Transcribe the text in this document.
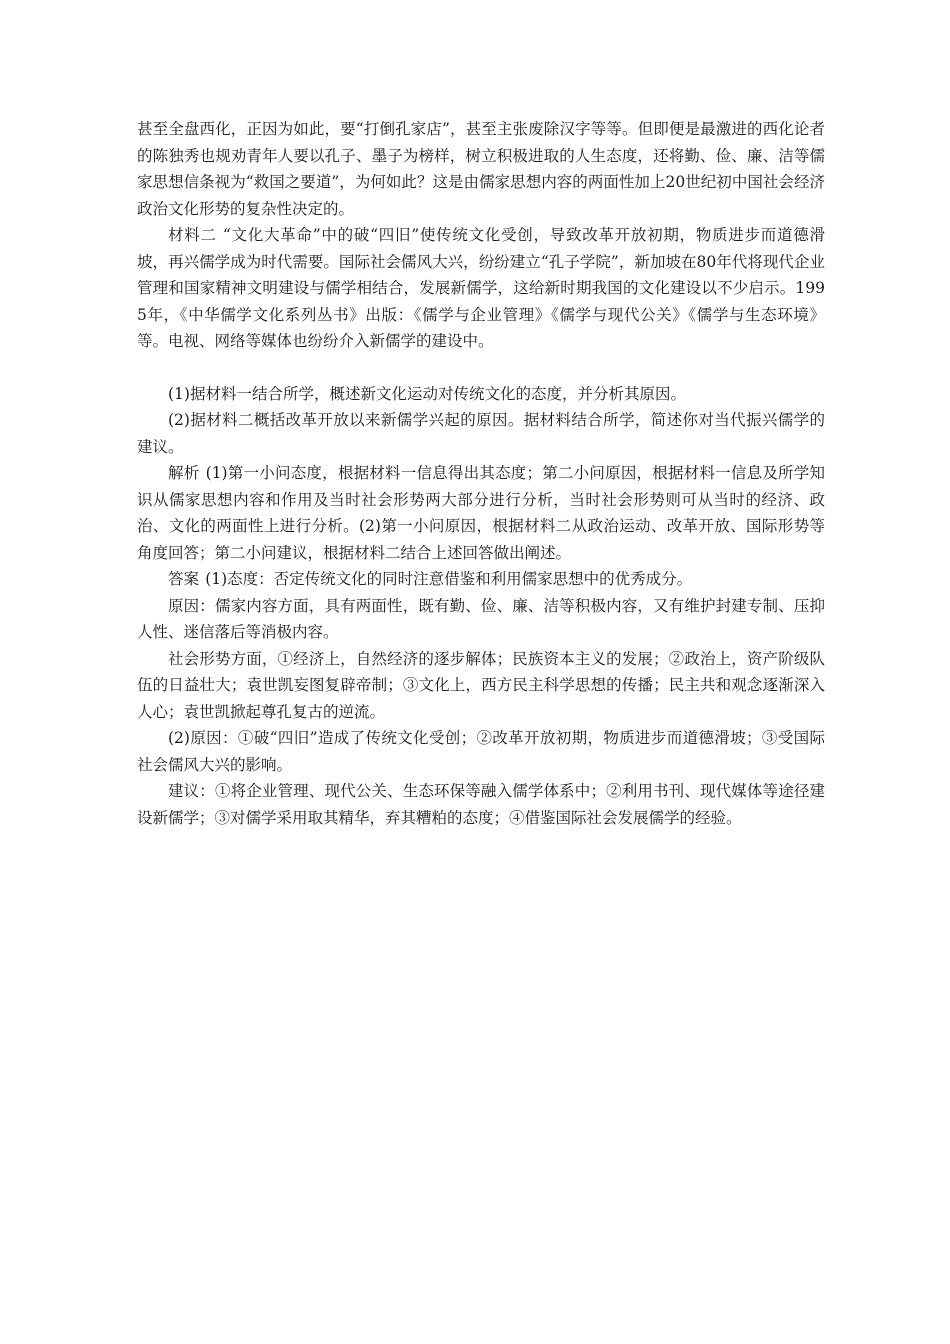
甚至全盘西化，正因为如此，要“打倒孔家店”，甚至主张废除汉字等等。但即便是最激进的西化论者的陈独秀也规劝青年人要以孔子、墨子为榜样，树立积极进取的人生态度，还将勤、俭、廉、洁等儒家思想信条视为“救国之要道”，为何如此？这是由儒家思想内容的两面性加上20世纪初中国社会经济政治文化形势的复杂性决定的。

材料二 “文化大革命”中的破“四旧”使传统文化受创，导致改革开放初期，物质进步而道德滑坡，再兴儒学成为时代需要。国际社会儒风大兴，纷纷建立“孔子学院”，新加坡在80年代将现代企业管理和国家精神文明建设与儒学相结合，发展新儒学，这给新时期我国的文化建设以不少启示。1995年，《中华儒学文化系列丛书》出版：《儒学与企业管理》《儒学与现代公关》《儒学与生态环境》等。电视、网络等媒体也纷纷介入新儒学的建设中。

(1)据材料一结合所学，概述新文化运动对传统文化的态度，并分析其原因。

(2)据材料二概括改革开放以来新儒学兴起的原因。据材料结合所学，简述你对当代振兴儒学的建议。

解析 (1)第一小问态度，根据材料一信息得出其态度；第二小问原因，根据材料一信息及所学知识从儒家思想内容和作用及当时社会形势两大部分进行分析，当时社会形势则可从当时的经济、政治、文化的两面性上进行分析。(2)第一小问原因，根据材料二从政治运动、改革开放、国际形势等角度回答；第二小问建议，根据材料二结合上述回答做出阐述。

答案 (1)态度：否定传统文化的同时注意借鉴和利用儒家思想中的优秀成分。

原因：儒家内容方面，具有两面性，既有勤、俭、廉、洁等积极内容，又有维护封建专制、压抑人性、迷信落后等消极内容。

社会形势方面，①经济上，自然经济的逐步解体；民族资本主义的发展；②政治上，资产阶级队伍的日益壮大；袁世凯妄图复辟帝制；③文化上，西方民主科学思想的传播；民主共和观念逐渐深入人心；袁世凯掀起尊孔复古的逆流。

(2)原因：①破“四旧”造成了传统文化受创；②改革开放初期，物质进步而道德滑坡；③受国际社会儒风大兴的影响。

建议：①将企业管理、现代公关、生态环保等融入儒学体系中；②利用书刊、现代媒体等途径建设新儒学；③对儒学采用取其精华，弃其糟粕的态度；④借鉴国际社会发展儒学的经验。
